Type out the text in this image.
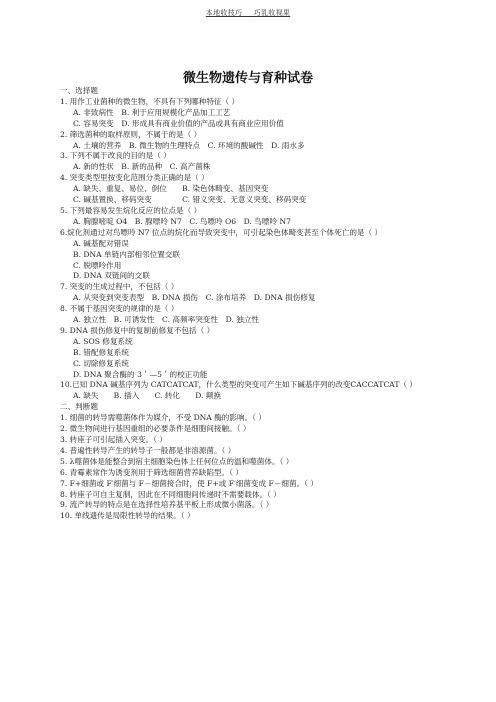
本地收技巧___巧乳收视果
微生物遗传与育种试卷
一、选择题
1. 用作工业菌种的微生物，不具有下列哪种特征（ ）
A. 非致病性　B. 利于应用规模化产品加工工艺
C. 容易突变　D. 形成具有商业价值的产品或具有商业应用价值
2. 筛选菌种的取样原则，不属于的是（ ）
A. 土壤的营养　B. 微生物的生理特点　C. 环境的酸碱性　D. 雨水多
3. 下列不属于改良的目的是（ ）
A. 新的性状　B. 新的品种　C. 高产菌株
4. 突变类型里按变化范围分类正确的是（ ）
A. 缺失、重复、易位、倒位　　B. 染色体畸变、基因突变
C. 碱基置换、移码突变　　　　C. 错义突变、无意义突变、移码突变
5. 下列最容易发生烷化反应的位点是（ ）
A. 胸腺嘧啶 O4　B. 腺嘌呤 N7　C. 鸟嘌呤 O6　D. 鸟嘌呤 N7
6.烷化剂通过对鸟嘌呤 N7 位点的烷化而导致突变中，可引起染色体畸变甚至个体死亡的是（ ）
A. 碱基配对错误
B. DNA 单链内部相邻位置交联
C. 脱嘌呤作用
D. DNA 双链间的交联
7. 突变的生成过程中，不包括（ ）
A. 从突变到突变表型　B. DNA 损伤　C. 涂布培养　D. DNA 损伤修复
8. 不属于基因突变的规律的是（ ）
A. 独立性　B. 可诱发性　C. 高频率突变性　D. 独立性
9. DNA 损伤修复中的复制前修复不包括（ ）
A. SOS 修复系统
B. 错配修复系统
C. 切除修复系统
D. DNA 聚合酶的 3＇—5＇的校正功能
10.已知 DNA 碱基序列为 CATCATCAT，什么类型的突变可产生如下碱基序列的改变CACCATCAT（ ）
A. 缺失　　B. 插入　　C. 转化　　D. 颠换
二、判断题
1. 细菌的转导需噬菌体作为媒介，不受 DNA 酶的影响。（ ）
2. 微生物间进行基因重组的必要条件是细胞间接触。（ ）
3. 转座子可引起插入突变。（ ）
4. 普遍性转导产生的转导子一般都是非溶源菌。（ ）
5. λ噬菌体是能整合到宿主细胞染色体上任何位点的温和噬菌体。（ ）
6. 青霉素常作为诱变剂用于筛选细菌营养缺陷型。（ ）
7. F+细菌或 F′细菌与 F－细菌接合时，使 F+或 F′细菌变成 F－细菌。（ ）
8. 转座子可自主复制，因此在不同细胞间传递时不需要载体。（ ）
9. 流产转导的特点是在选择性培养基平板上形成微小菌落。（ ）
10. 单线遗传是局限性转导的结果。（ ）
